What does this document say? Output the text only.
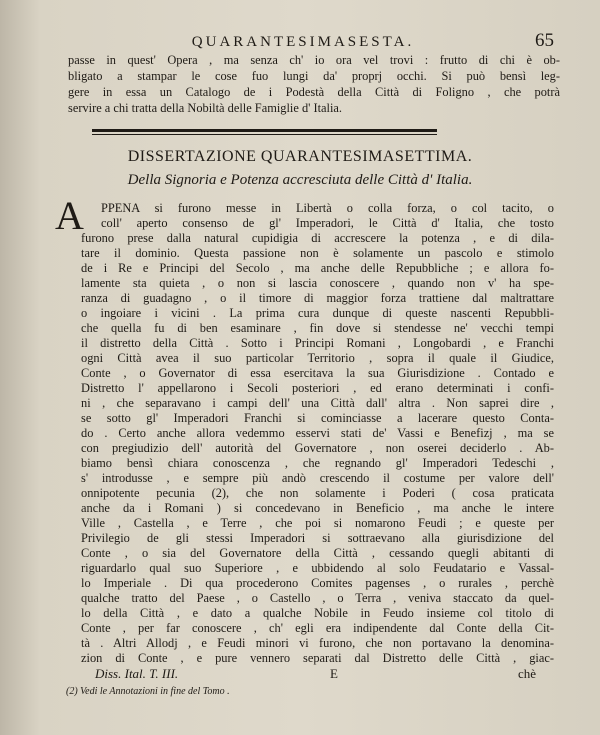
QUARANTESIMASESTA.	65
passe in quest' Opera , ma senza ch' io ora vel trovi : frutto di chi è ob-
bligato a stampar le cose fuo lungi da' proprj occhi. Si può bensì leg-
gere in essa un Catalogo de i Podestà della Città di Foligno , che potrà
servire a chi tratta della Nobiltà delle Famiglie d' Italia.
DISSERTAZIONE QUARANTESIMASETTIMA.
Della Signoria e Potenza accresciuta delle Città d' Italia.
A PPENA si furono messe in Libertà o colla forza, o col tacito, o
coll' aperto consenso de gl' Imperadori, le Città d' Italia, che tosto
furono prese dalla natural cupidigia di accrescere la potenza , e di dila-
tare il dominio. Questa passione non è solamente un pascolo e stimolo
de i Re e Principi del Secolo , ma anche delle Repubbliche ; e allora fo-
lamente sta quieta , o non si lascia conoscere , quando non v' ha spe-
ranza di guadagno , o il timore di maggior forza trattiene dal maltrattare
o ingoiare i vicini . La prima cura dunque di queste nascenti Repubbli-
che quella fu di ben esaminare , fin dove si stendesse ne' vecchi tempi
il distretto della Città . Sotto i Principi Romani , Longobardi , e Franchi
ogni Città avea il suo particolar Territorio , sopra il quale il Giudice,
Conte , o Governator di essa esercitava la sua Giurisdizione . Contado e
Distretto l' appellarono i Secoli posteriori , ed erano determinati i confi-
ni , che separavano i campi dell' una Città dall' altra . Non saprei dire ,
se sotto gl' Imperadori Franchi si cominciasse a lacerare questo Conta-
do . Certo anche allora vedemmo esservi stati de' Vassi e Benefizj , ma se
con pregiudizio dell' autorità del Governatore , non oserei deciderlo . Ab-
biamo bensì chiara conoscenza , che regnando gl' Imperadori Tedeschi ,
s' introdusse , e sempre più andò crescendo il costume per valore dell'
onnipotente pecunia (2), che non solamente i Poderi ( cosa praticata
anche da i Romani ) si concedevano in Beneficio , ma anche le intere
Ville , Castella , e Terre , che poi si nomarono Feudi ; e queste per
Privilegio de gli stessi Imperadori si sottraevano alla giurisdizione del
Conte , o sia del Governatore della Città , cessando quegli abitanti di
riguardarlo qual suo Superiore , e ubbidendo al solo Feudatario e Vassal-
lo Imperiale . Di qua procederono Comites pagenses , o rurales , perchè
qualche tratto del Paese , o Castello , o Terra , veniva staccato da quel-
lo della Città , e dato a qualche Nobile in Feudo insieme col titolo di
Conte , per far conoscere , ch' egli era indipendente dal Conte della Cit-
tà . Altri Allodj , e Feudi minori vi furono, che non portavano la denomina-
zion di Conte , e pure vennero separati dal Distretto delle Città , giac-
Diss. Ital. T. III.	E	chè
(2) Vedi le Annotazioni in fine del Tomo .
